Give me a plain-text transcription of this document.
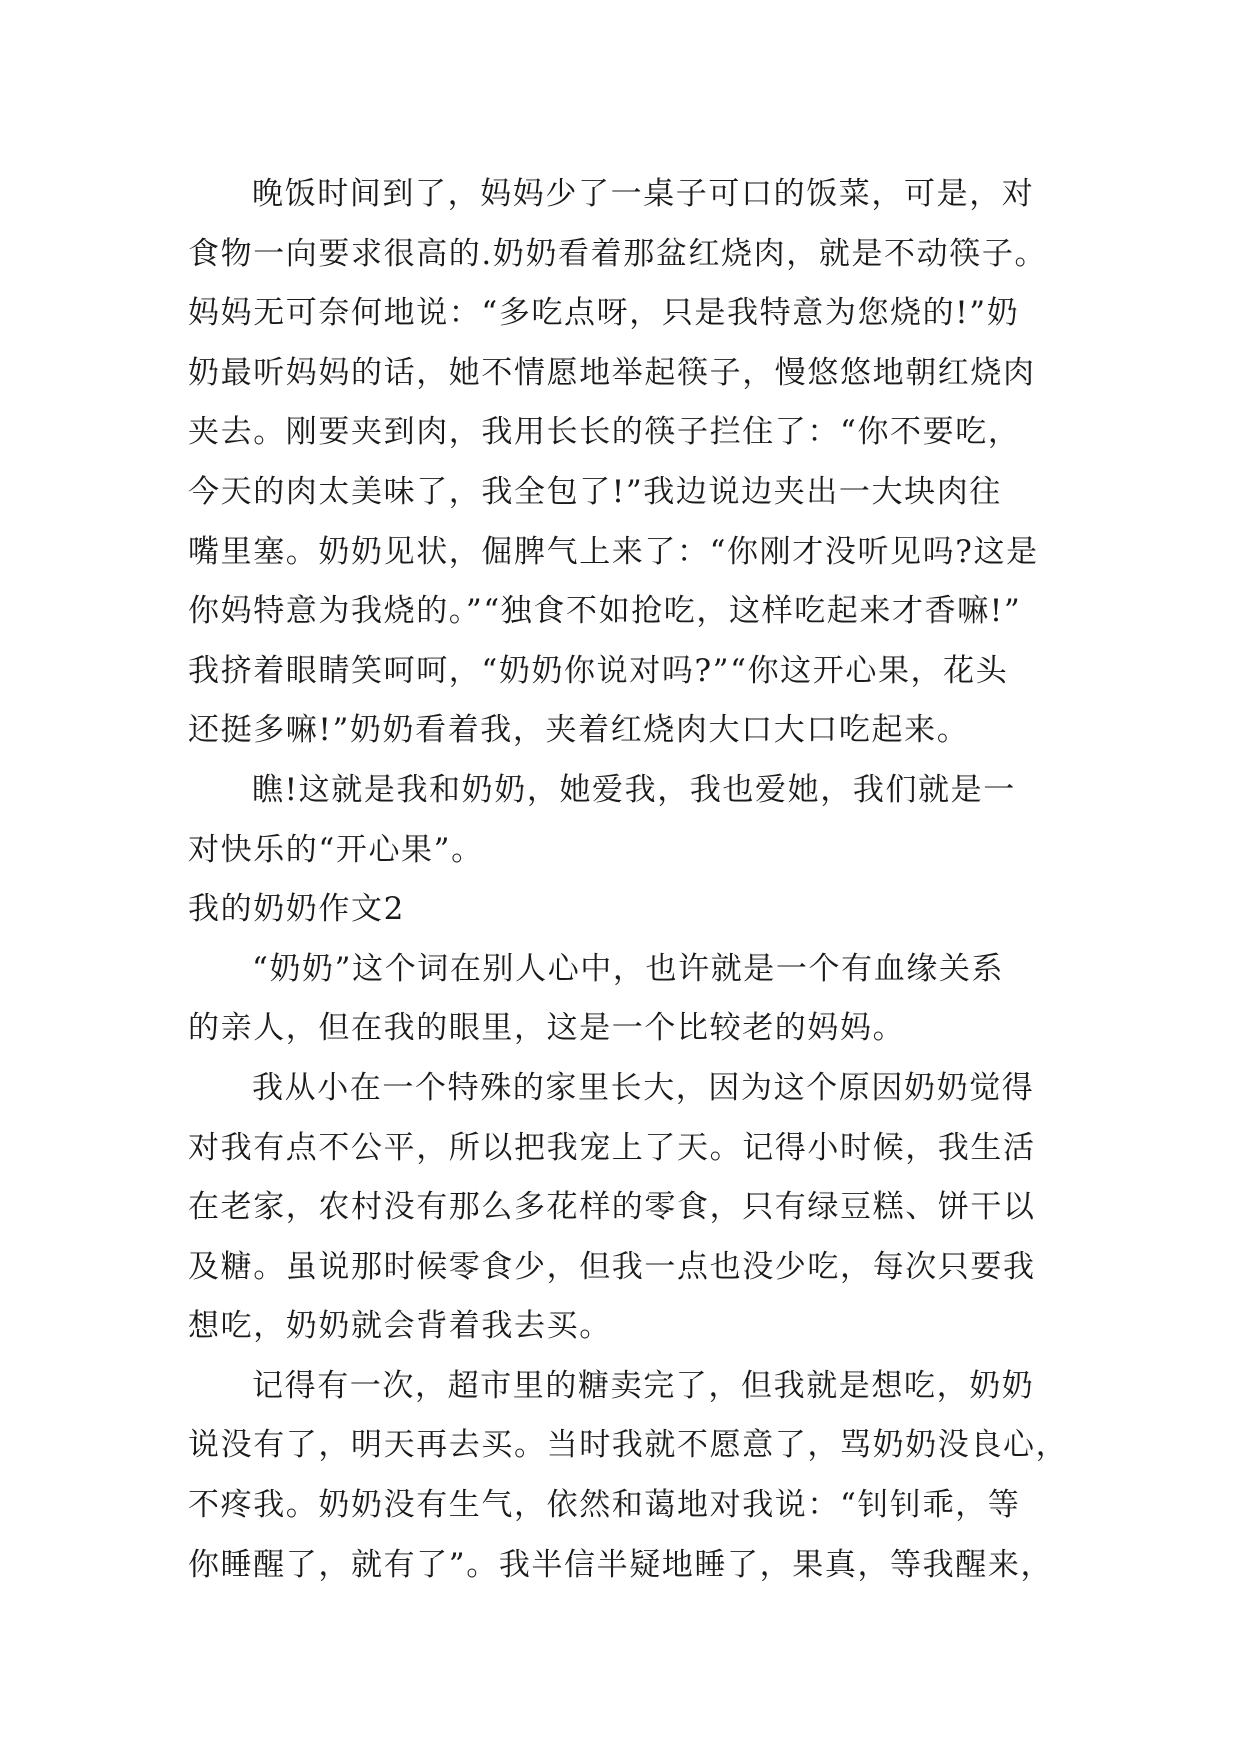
晚饭时间到了，妈妈少了一桌子可口的饭菜，可是，对
食物一向要求很高的.奶奶看着那盆红烧肉，就是不动筷子。
妈妈无可奈何地说：“多吃点呀，只是我特意为您烧的!”奶
奶最听妈妈的话，她不情愿地举起筷子，慢悠悠地朝红烧肉
夹去。刚要夹到肉，我用长长的筷子拦住了：“你不要吃，
今天的肉太美味了，我全包了!”我边说边夹出一大块肉往
嘴里塞。奶奶见状，倔脾气上来了：“你刚才没听见吗?这是
你妈特意为我烧的。”“独食不如抢吃，这样吃起来才香嘛!”
我挤着眼睛笑呵呵，“奶奶你说对吗?”“你这开心果，花头
还挺多嘛!”奶奶看着我，夹着红烧肉大口大口吃起来。
瞧!这就是我和奶奶，她爱我，我也爱她，我们就是一
对快乐的“开心果”。
我的奶奶作文2
“奶奶”这个词在别人心中，也许就是一个有血缘关系
的亲人，但在我的眼里，这是一个比较老的妈妈。
我从小在一个特殊的家里长大，因为这个原因奶奶觉得
对我有点不公平，所以把我宠上了天。记得小时候，我生活
在老家，农村没有那么多花样的零食，只有绿豆糕、饼干以
及糖。虽说那时候零食少，但我一点也没少吃，每次只要我
想吃，奶奶就会背着我去买。
记得有一次，超市里的糖卖完了，但我就是想吃，奶奶
说没有了，明天再去买。当时我就不愿意了，骂奶奶没良心，
不疼我。奶奶没有生气，依然和蔼地对我说：“钊钊乖，等
你睡醒了，就有了”。我半信半疑地睡了，果真，等我醒来，
